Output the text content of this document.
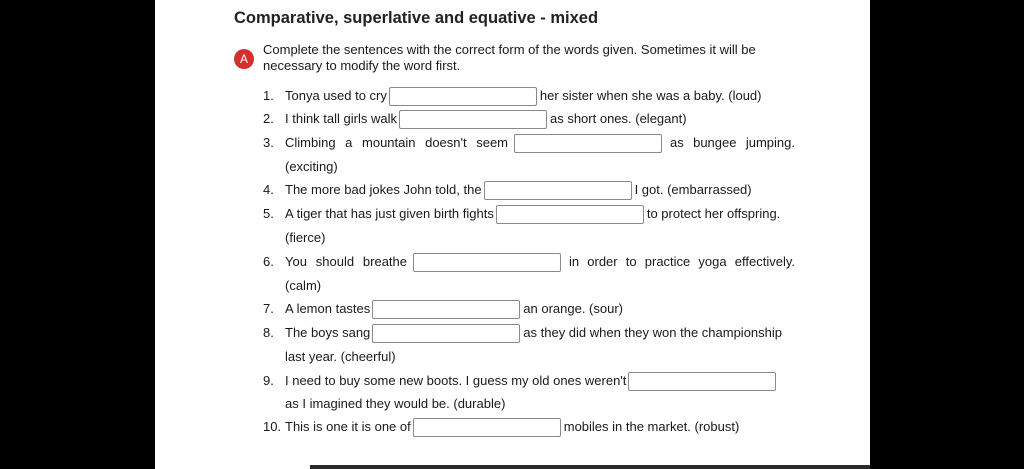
Comparative, superlative and equative - mixed
A
Complete the sentences with the correct form of the words given. Sometimes it will be necessary to modify the word first.
1. Tonya used to cry	her sister when she was a baby. (loud)
2. I think tall girls walk	as short ones. (elegant)
3. Climbing a mountain doesn't seem	as bungee jumping.
(exciting)
4. The more bad jokes John told, the	I got. (embarrassed)
5. A tiger that has just given birth fights	to protect her offspring.
(fierce)
6. You should breathe	in order to practice yoga effectively.
(calm)
7. A lemon tastes	an orange. (sour)
8. The boys sang	as they did when they won the championship
last year. (cheerful)
9. I need to buy some new boots. I guess my old ones weren't
as I imagined they would be. (durable)
10. This is one it is one of	mobiles in the market. (robust)
